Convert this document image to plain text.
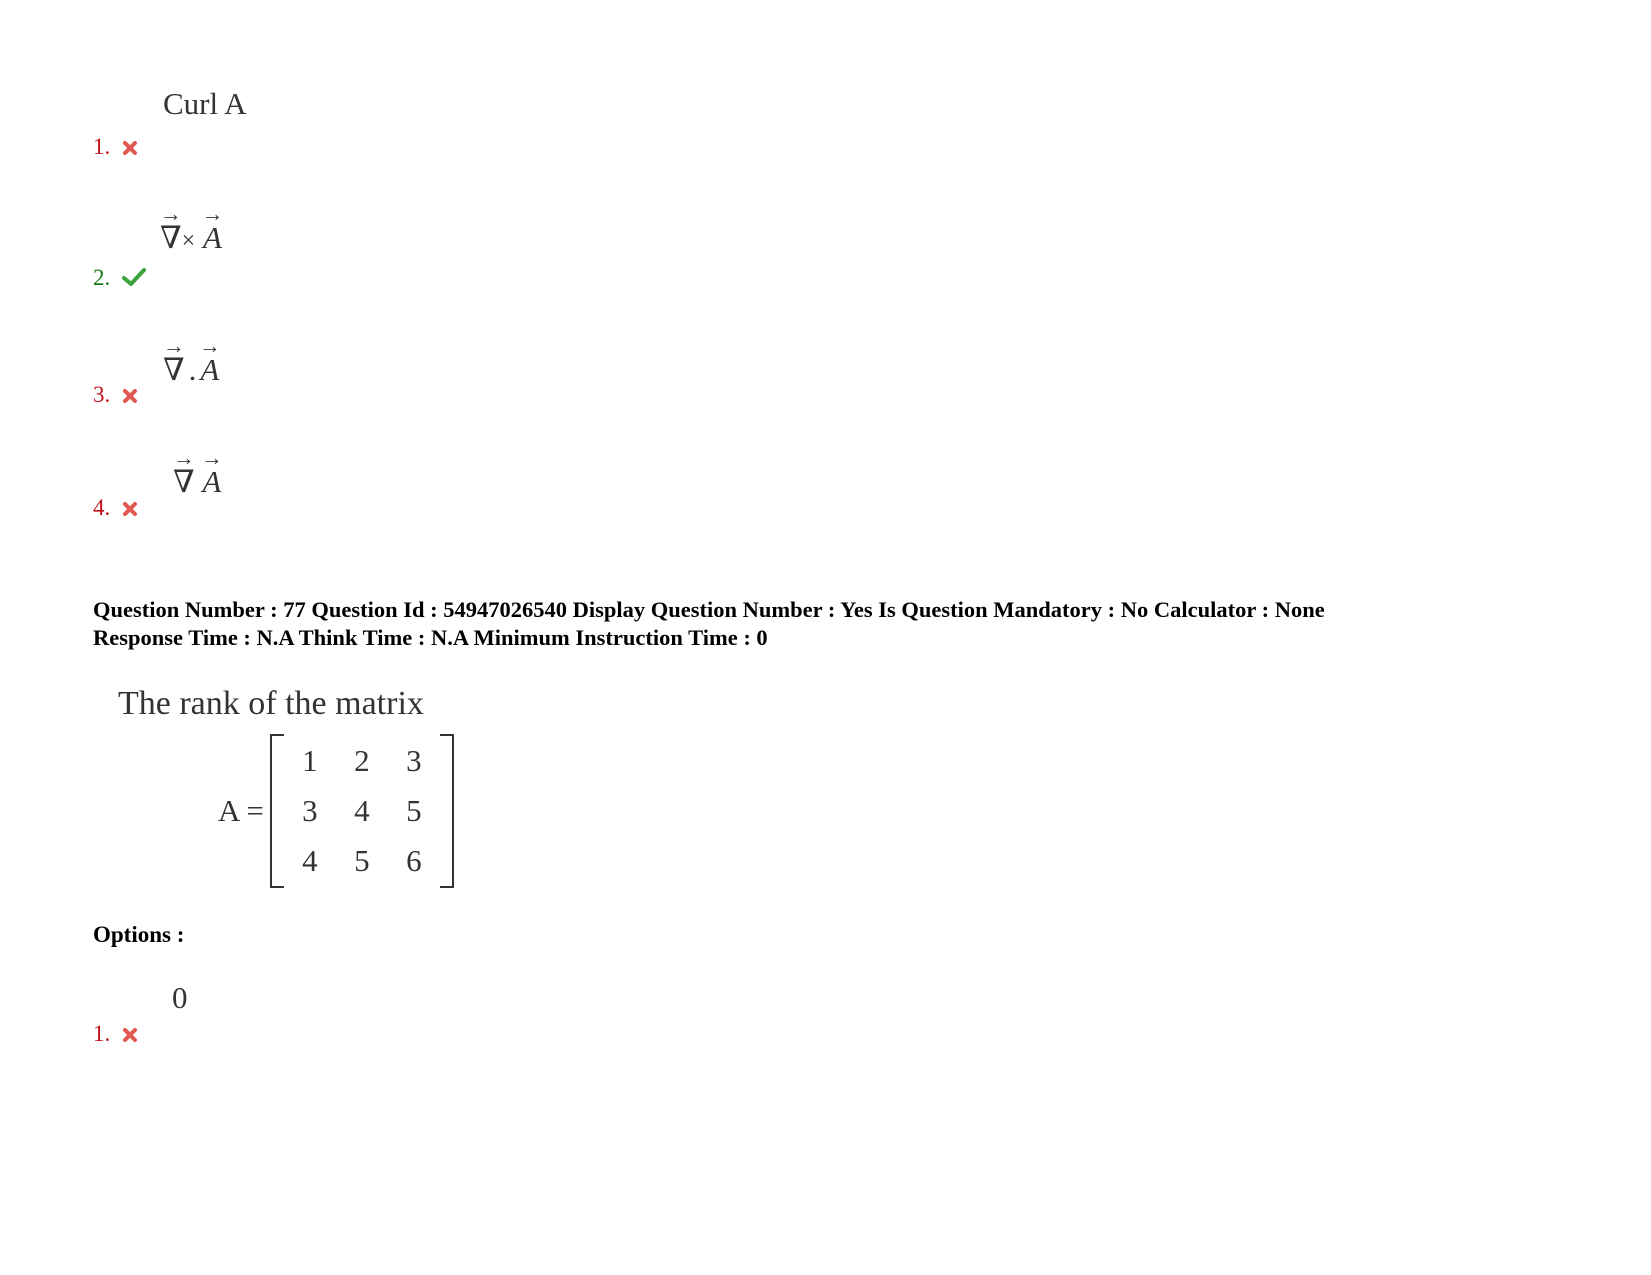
Curl A
1.
→
∇×
→
A
2.
→
∇ .
→
A
3.
→
∇
→
A
4.
Question Number : 77 Question Id : 54947026540 Display Question Number : Yes Is Question Mandatory : No Calculator : None
Response Time : N.A Think Time : N.A Minimum Instruction Time : 0
The rank of the matrix
A =
1 2 3
3 4 5
4 5 6
Options :
0
1.
